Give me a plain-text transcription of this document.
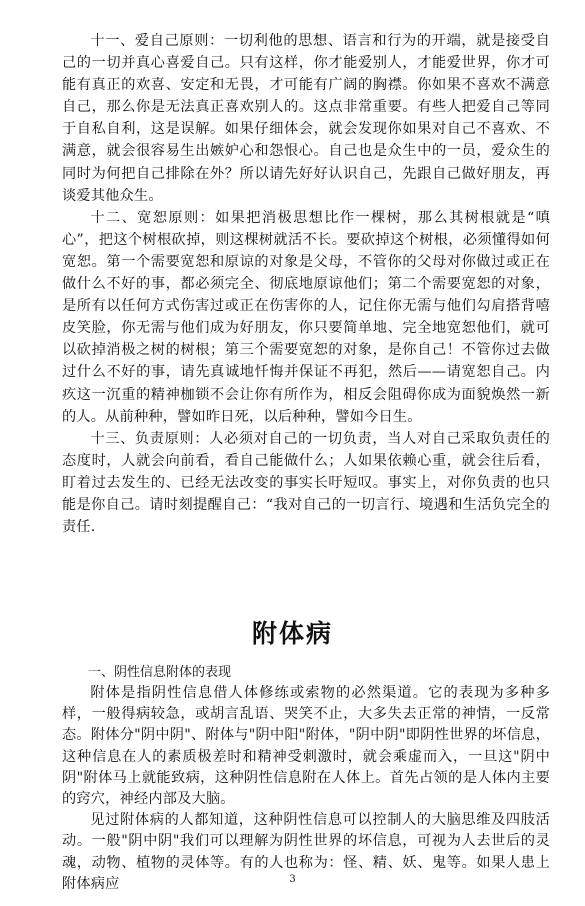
十一、爱自己原则：一切利他的思想、语言和行为的开端，就是接受自己的一切并真心喜爱自己。只有这样，你才能爱别人，才能爱世界，你才可能有真正的欢喜、安定和无畏，才可能有广阔的胸襟。你如果不喜欢不满意自己，那么你是无法真正喜欢别人的。这点非常重要。有些人把爱自己等同于自私自利，这是误解。如果仔细体会，就会发现你如果对自己不喜欢、不满意，就会很容易生出嫉妒心和怨恨心。自己也是众生中的一员，爱众生的同时为何把自己排除在外？所以请先好好认识自己，先跟自己做好朋友，再谈爱其他众生。

十二、宽恕原则：如果把消极思想比作一棵树，那么其树根就是“嗔心”，把这个树根砍掉，则这棵树就活不长。要砍掉这个树根，必须懂得如何宽恕。第一个需要宽恕和原谅的对象是父母，不管你的父母对你做过或正在做什么不好的事，都必须完全、彻底地原谅他们；第二个需要宽恕的对象，是所有以任何方式伤害过或正在伤害你的人，记住你无需与他们勾肩搭背嘻皮笑脸，你无需与他们成为好朋友，你只要简单地、完全地宽恕他们，就可以砍掉消极之树的树根；第三个需要宽恕的对象，是你自己！不管你过去做过什么不好的事，请先真诚地忏悔并保证不再犯，然后——请宽恕自己。内疚这一沉重的精神枷锁不会让你有所作为，相反会阻碍你成为面貌焕然一新的人。从前种种，譬如昨日死，以后种种，譬如今日生。

十三、负责原则：人必须对自己的一切负责，当人对自己采取负责任的态度时，人就会向前看，看自己能做什么；人如果依赖心重，就会往后看，盯着过去发生的、已经无法改变的事实长吁短叹。事实上，对你负责的也只能是你自己。请时刻提醒自己：“我对自己的一切言行、境遇和生活负完全的责任.

附体病

一、阴性信息附体的表现

附体是指阴性信息借人体修练或索物的必然渠道。它的表现为多种多样，一般得病较急，或胡言乱语、哭笑不止，大多失去正常的神情，一反常态。附体分"阴中阴"、附体与"阴中阳"附体，"阴中阴"即阴性世界的坏信息，这种信息在人的素质极差时和精神受刺激时，就会乘虚而入，一旦这"阴中阴"附体马上就能致病，这种阴性信息附在人体上。首先占领的是人体内主要的窍穴，神经内部及大脑。

见过附体病的人都知道，这种阴性信息可以控制人的大脑思维及四肢活动。一般"阴中阴"我们可以理解为阴性世界的坏信息，可视为人去世后的灵魂，动物、植物的灵体等。有的人也称为：怪、精、妖、鬼等。如果人患上附体病应	3
